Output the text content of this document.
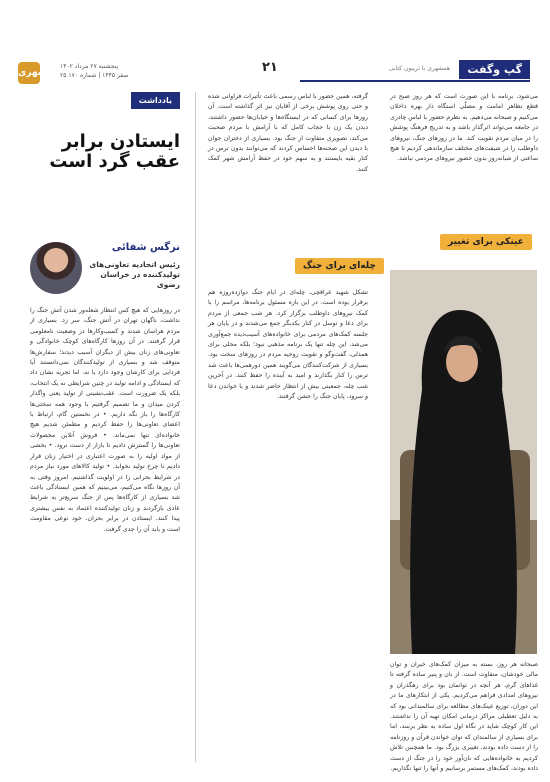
همشهری
پنجشنبه ۲۷ مرداد ۱۴۰۲
۲۵ صفر ۱۴۴۵ | شماره ۱۷۰
۲۱	همشهری با تریبون کتابی	گپ وگفت
یادداشت
ایستادن برابر عقب گرد است
نرگس شفائی
رئیس اتحادیه تعاونی‌های تولیدکننده در خراسان رضوی
در روزهایی که هیچ کس انتظار شعله‌ور شدن آتش جنگ را نداشت، ناگهان تهران در آتش جنگ، سر زد. بسیاری از مردم هراسان شدند و کسب‌وکارها در وضعیت نامعلومی قرار گرفتند. در آن روزها کارگاه‌های کوچک خانوادگی و تعاونی‌های زنان بیش از دیگران آسیب دیدند؛ سفارش‌ها متوقف شد و بسیاری از تولیدکنندگان نمی‌دانستند آیا فردایی برای کارشان وجود دارد یا نه. اما تجربه نشان داد که ایستادگی و ادامه تولید در چنین شرایطی نه یک انتخاب، بلکه یک ضرورت است. عقب‌نشینی از تولید یعنی واگذار کردن میدان و ما تصمیم گرفتیم با وجود همه سختی‌ها کارگاه‌ها را باز نگه داریم. • در نخستین گام، ارتباط با اعضای تعاونی‌ها را حفظ کردیم و مطمئن شدیم هیچ خانواده‌ای تنها نمی‌ماند. • فروش آنلاین محصولات تعاونی‌ها را گسترش دادیم تا بازار از دست نرود. • بخشی از مواد اولیه را به صورت اعتباری در اختیار زنان قرار دادیم تا چرخ تولید نخوابد. • تولید کالاهای مورد نیاز مردم در شرایط بحرانی را در اولویت گذاشتیم. امروز وقتی به آن روزها نگاه می‌کنیم، می‌بینیم که همین ایستادگی باعث شد بسیاری از کارگاه‌ها پس از جنگ سریع‌تر به شرایط عادی بازگردند و زنان تولیدکننده اعتماد به نفس بیشتری پیدا کنند. ایستادن در برابر بحران، خود نوعی مقاومت است و باید آن را جدی گرفت.
گرفته، همین حضور با لباس رسمی باعث تأثیرات فراوانی شده و حتی روی پوشش برخی از آقایان نیز اثر گذاشته است. آن روزها برای کسانی که در ایستگاه‌ها و خیابان‌ها حضور داشتند، دیدن یک زن با حجاب کامل که با آرامش با مردم صحبت می‌کند، تصویری متفاوت از جنگ بود. بسیاری از دختران جوان با دیدن این صحنه‌ها احساس کردند که می‌توانند بدون ترس در کنار بقیه بایستند و به سهم خود در حفظ آرامش شهر کمک کنند.
چله‌ای برای جنگ
تشکل شهید عراقچی، چله‌ای در ایام جنگ دوازده‌روزه هم برقرار بوده است. در این بازه مسئول برنامه‌ها، مراسم را با کمک نیروهای داوطلب برگزار کرد. هر شب جمعی از مردم برای دعا و توسل در کنار یکدیگر جمع می‌شدند و در پایان هر جلسه کمک‌های مردمی برای خانواده‌های آسیب‌دیده جمع‌آوری می‌شد. این چله تنها یک برنامه مذهبی نبود؛ بلکه محلی برای همدلی، گفت‌وگو و تقویت روحیه مردم در روزهای سخت بود. بسیاری از شرکت‌کنندگان می‌گویند همین دورهمی‌ها باعث شد ترس را کنار بگذارند و امید به آینده را حفظ کنند. در آخرین شب چله، جمعیتی بیش از انتظار حاضر شدند و با خواندن دعا و سرود، پایان جنگ را جشن گرفتند.
می‌شود. برنامه با این صورت است که هر روز صبح در قطع تظاهر امامت و مصلّی استگاه دار بهره داخلان می‌کنیم و صبحانه می‌دهیم. به نظرم حضور با لباس چادری در جامعه می‌تواند اثرگذار باشد و به تدریج فرهنگ پوشش را در میان مردم تقویت کند. ما در روزهای جنگ، نیروهای داوطلب را در شیفت‌های مختلف سازماندهی کردیم تا هیچ ساعتی از شبانه‌روز بدون حضور نیروهای مردمی نباشد.
عینکی برای تغییر
صبحانه هر روز، بسته به میزان کمک‌های خیران و توان مالی خودشان، متفاوت است. از نان و پنیر ساده گرفته تا غذاهای گرم، هر آنچه در توانمان بود برای رهگذران و نیروهای امدادی فراهم می‌کردیم. یکی از ابتکارهای ما در این دوران، توزیع عینک‌های مطالعه برای سالمندانی بود که به دلیل تعطیلی مراکز درمانی امکان تهیه آن را نداشتند. این کار کوچک شاید در نگاه اول ساده به نظر برسد، اما برای بسیاری از سالمندان که توان خواندن قرآن و روزنامه را از دست داده بودند، تغییری بزرگ بود. ما همچنین تلاش کردیم به خانواده‌هایی که نان‌آور خود را در جنگ از دست داده بودند، کمک‌های مستمر برسانیم و آنها را تنها نگذاریم.
